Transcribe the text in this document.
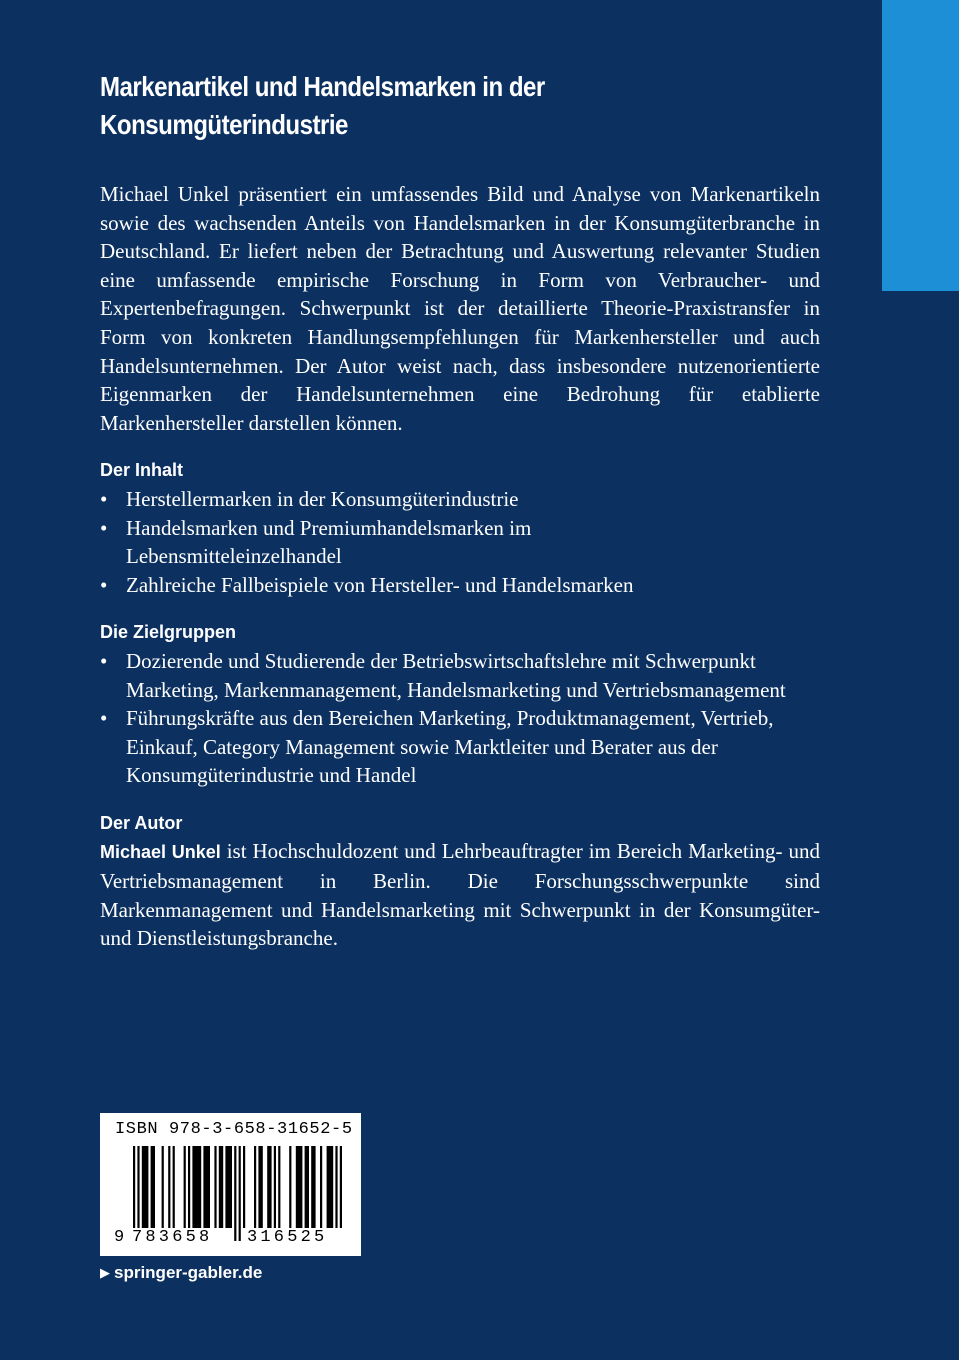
Markenartikel und Handelsmarken in der
Konsumgüterindustrie

Michael Unkel präsentiert ein umfassendes Bild und Analyse von Markenartikeln sowie des wachsenden Anteils von Handelsmarken in der Konsumgüterbranche in Deutschland. Er liefert neben der Betrachtung und Auswertung relevanter Studien eine umfassende empirische Forschung in Form von Verbraucher- und Expertenbefragungen. Schwerpunkt ist der detaillierte Theorie-Praxistransfer in Form von konkreten Handlungsempfehlungen für Markenhersteller und auch Handelsunternehmen. Der Autor weist nach, dass insbesondere nutzenorientierte Eigenmarken der Handelsunternehmen eine Bedrohung für etablierte Markenhersteller darstellen können.

Der Inhalt
• Herstellermarken in der Konsumgüterindustrie
• Handelsmarken und Premiumhandelsmarken im Lebensmitteleinzelhandel
• Zahlreiche Fallbeispiele von Hersteller- und Handelsmarken
Die Zielgruppen
• Dozierende und Studierende der Betriebswirtschaftslehre mit Schwerpunkt Marketing, Markenmanagement, Handelsmarketing und Vertriebsmanagement
• Führungskräfte aus den Bereichen Marketing, Produktmanagement, Vertrieb, Einkauf, Category Management sowie Marktleiter und Berater aus der Konsumgüterindustrie und Handel
Der Autor

Michael Unkel ist Hochschuldozent und Lehrbeauftragter im Bereich Marketing- und Vertriebsmanagement in Berlin. Die Forschungsschwerpunkte sind Markenmanagement und Handelsmarketing mit Schwerpunkt in der Konsumgüter- und Dienstleistungsbranche.

ISBN 978-3-658-31652-5
9 783658	316525
▶ springer-gabler.de
